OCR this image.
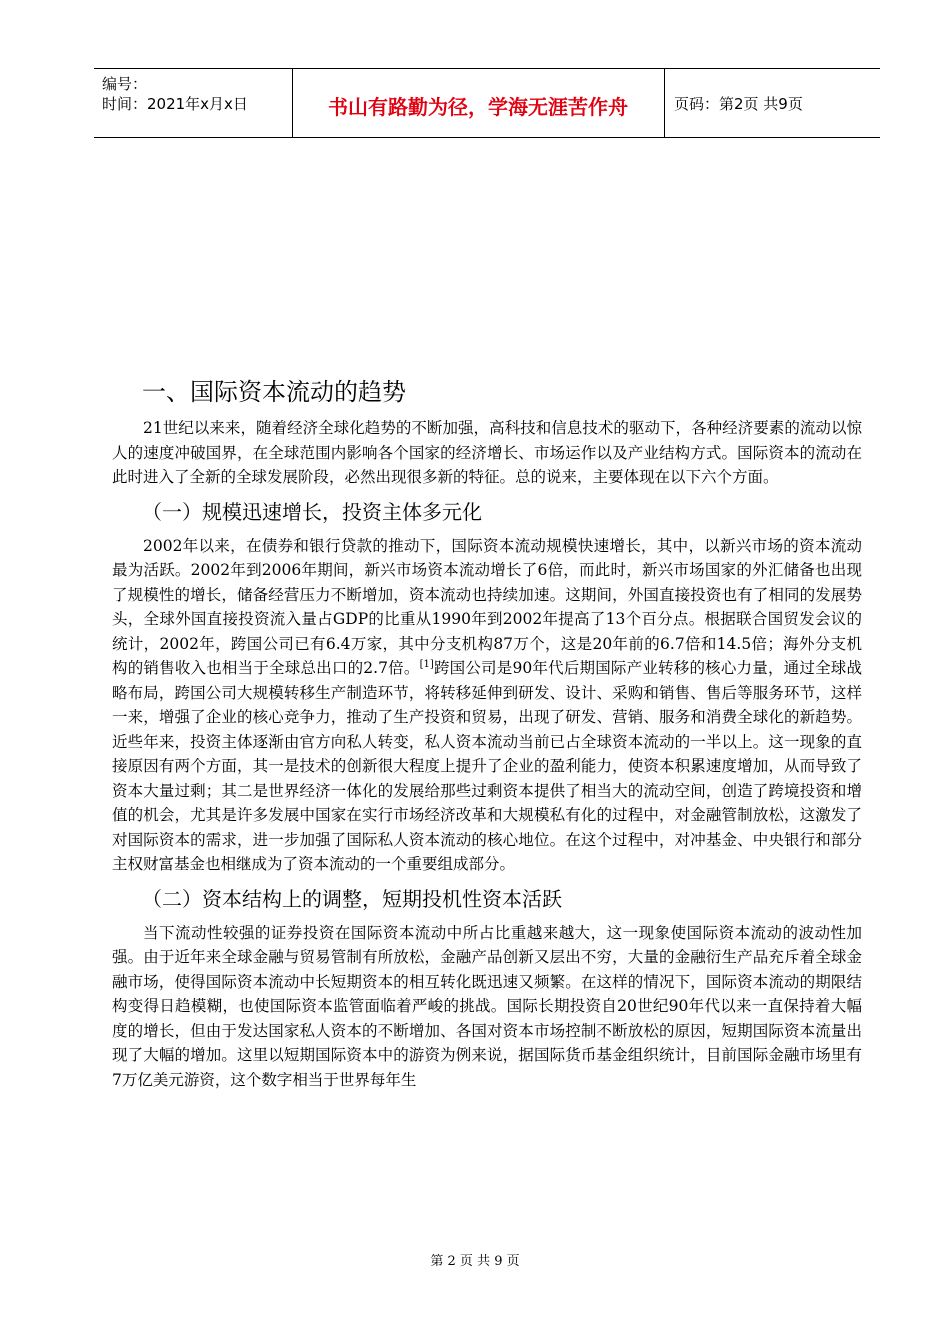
编号：
时间：2021年x月x日	书山有路勤为径，学海无涯苦作舟	页码：第2页 共9页
一、国际资本流动的趋势

21世纪以来来，随着经济全球化趋势的不断加强，高科技和信息技术的驱动下，各种经济要素的流动以惊人的速度冲破国界，在全球范围内影响各个国家的经济增长、市场运作以及产业结构方式。国际资本的流动在此时进入了全新的全球发展阶段，必然出现很多新的特征。总的说来，主要体现在以下六个方面。

（一）规模迅速增长，投资主体多元化

2002年以来，在债券和银行贷款的推动下，国际资本流动规模快速增长，其中，以新兴市场的资本流动最为活跃。2002年到2006年期间，新兴市场资本流动增长了6倍，而此时，新兴市场国家的外汇储备也出现了规模性的增长，储备经营压力不断增加，资本流动也持续加速。这期间，外国直接投资也有了相同的发展势头，全球外国直接投资流入量占GDP的比重从1990年到2002年提高了13个百分点。根据联合国贸发会议的统计，2002年，跨国公司已有6.4万家，其中分支机构87万个，这是20年前的6.7倍和14.5倍；海外分支机构的销售收入也相当于全球总出口的2.7倍。[1]跨国公司是90年代后期国际产业转移的核心力量，通过全球战略布局，跨国公司大规模转移生产制造环节，将转移延伸到研发、设计、采购和销售、售后等服务环节，这样一来，增强了企业的核心竞争力，推动了生产投资和贸易，出现了研发、营销、服务和消费全球化的新趋势。近些年来，投资主体逐渐由官方向私人转变，私人资本流动当前已占全球资本流动的一半以上。这一现象的直接原因有两个方面，其一是技术的创新很大程度上提升了企业的盈利能力，使资本积累速度增加，从而导致了资本大量过剩；其二是世界经济一体化的发展给那些过剩资本提供了相当大的流动空间，创造了跨境投资和增值的机会，尤其是许多发展中国家在实行市场经济改革和大规模私有化的过程中，对金融管制放松，这激发了对国际资本的需求，进一步加强了国际私人资本流动的核心地位。在这个过程中，对冲基金、中央银行和部分主权财富基金也相继成为了资本流动的一个重要组成部分。

（二）资本结构上的调整，短期投机性资本活跃

当下流动性较强的证券投资在国际资本流动中所占比重越来越大，这一现象使国际资本流动的波动性加强。由于近年来全球金融与贸易管制有所放松，金融产品创新又层出不穷，大量的金融衍生产品充斥着全球金融市场，使得国际资本流动中长短期资本的相互转化既迅速又频繁。在这样的情况下，国际资本流动的期限结构变得日趋模糊，也使国际资本监管面临着严峻的挑战。国际长期投资自20世纪90年代以来一直保持着大幅度的增长，但由于发达国家私人资本的不断增加、各国对资本市场控制不断放松的原因，短期国际资本流量出现了大幅的增加。这里以短期国际资本中的游资为例来说，据国际货币基金组织统计，目前国际金融市场里有7万亿美元游资，这个数字相当于世界每年生

第 2 页 共 9 页
